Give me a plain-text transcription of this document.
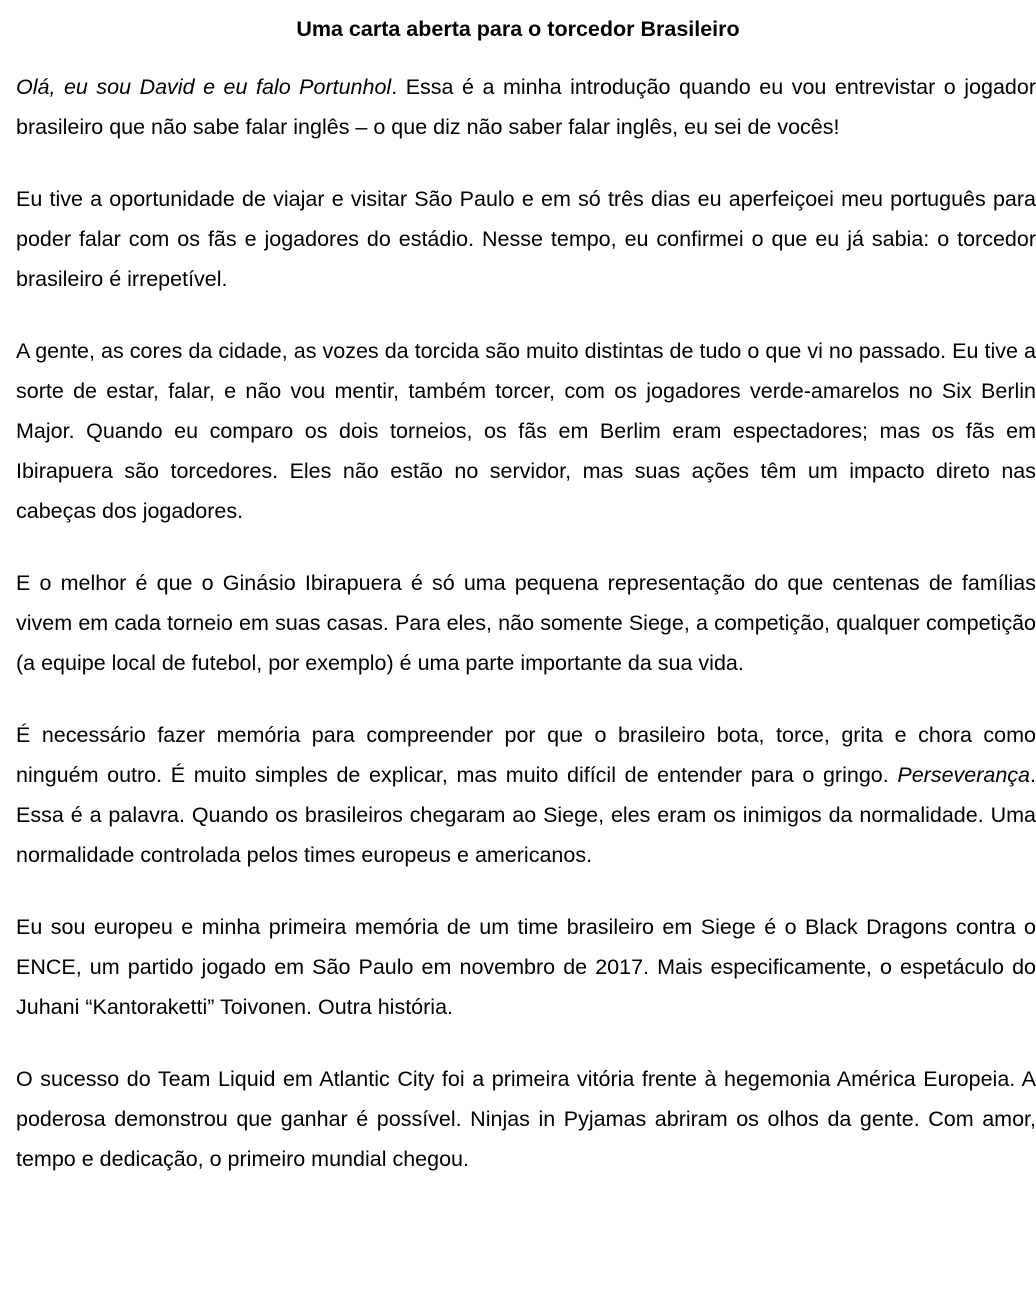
Uma carta aberta para o torcedor Brasileiro

Olá, eu sou David e eu falo Portunhol. Essa é a minha introdução quando eu vou entrevistar o jogador brasileiro que não sabe falar inglês – o que diz não saber falar inglês, eu sei de vocês!

Eu tive a oportunidade de viajar e visitar São Paulo e em só três dias eu aperfeiçoei meu português para poder falar com os fãs e jogadores do estádio. Nesse tempo, eu confirmei o que eu já sabia: o torcedor brasileiro é irrepetível.

A gente, as cores da cidade, as vozes da torcida são muito distintas de tudo o que vi no passado. Eu tive a sorte de estar, falar, e não vou mentir, também torcer, com os jogadores verde-amarelos no Six Berlin Major. Quando eu comparo os dois torneios, os fãs em Berlim eram espectadores; mas os fãs em Ibirapuera são torcedores. Eles não estão no servidor, mas suas ações têm um impacto direto nas cabeças dos jogadores.

E o melhor é que o Ginásio Ibirapuera é só uma pequena representação do que centenas de famílias vivem em cada torneio em suas casas. Para eles, não somente Siege, a competição, qualquer competição (a equipe local de futebol, por exemplo) é uma parte importante da sua vida.

É necessário fazer memória para compreender por que o brasileiro bota, torce, grita e chora como ninguém outro. É muito simples de explicar, mas muito difícil de entender para o gringo. Perseverança. Essa é a palavra. Quando os brasileiros chegaram ao Siege, eles eram os inimigos da normalidade. Uma normalidade controlada pelos times europeus e americanos.

Eu sou europeu e minha primeira memória de um time brasileiro em Siege é o Black Dragons contra o ENCE, um partido jogado em São Paulo em novembro de 2017. Mais especificamente, o espetáculo do Juhani “Kantoraketti” Toivonen. Outra história.

O sucesso do Team Liquid em Atlantic City foi a primeira vitória frente à hegemonia América Europeia. A poderosa demonstrou que ganhar é possível. Ninjas in Pyjamas abriram os olhos da gente. Com amor, tempo e dedicação, o primeiro mundial chegou.
